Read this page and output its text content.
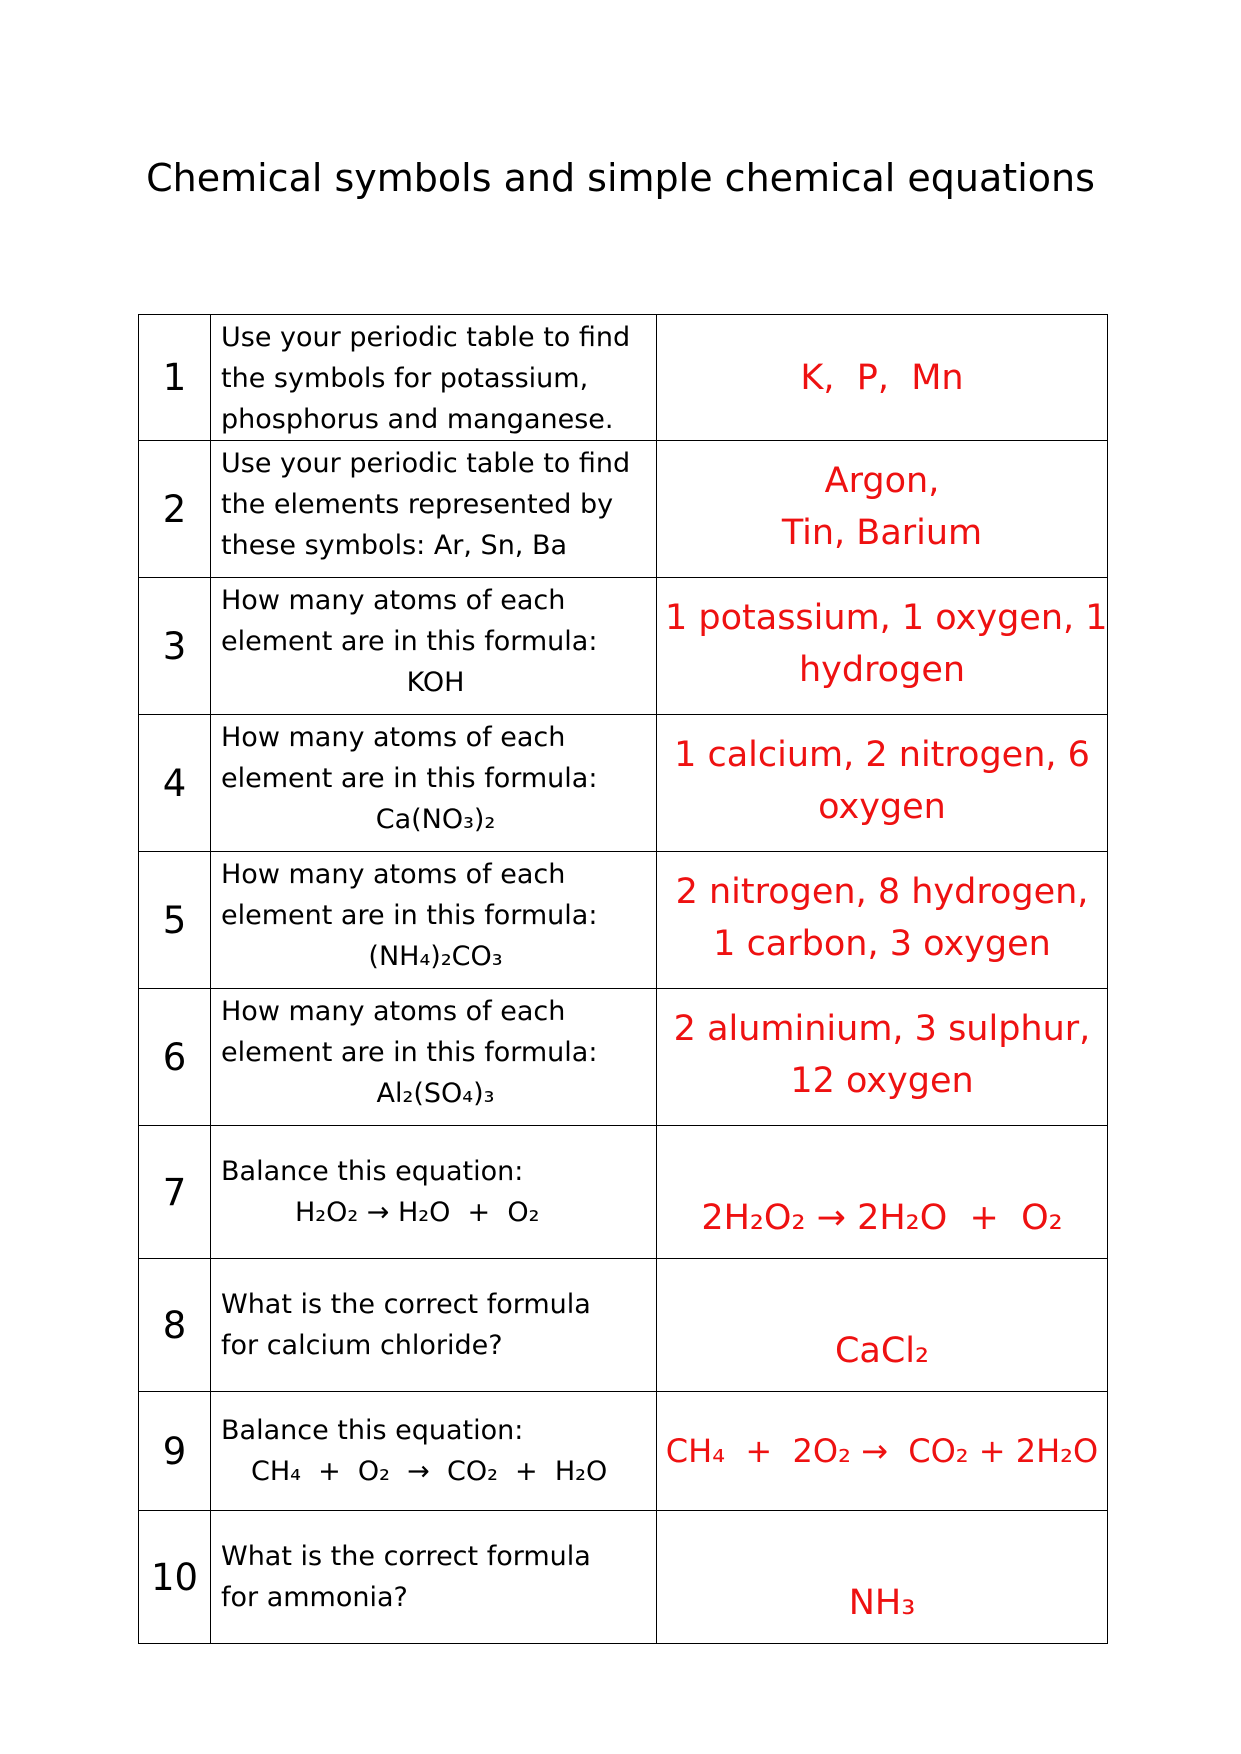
Chemical symbols and simple chemical equations
1	Use your periodic table to find
the symbols for potassium,
phosphorus and manganese.	K,  P,  Mn
2	Use your periodic table to find
the elements represented by
these symbols: Ar, Sn, Ba	Argon,
Tin, Barium

3	How many atoms of each
element are in this formula:
KOH	1 potassium, 1 oxygen, 1
hydrogen

4	How many atoms of each
element are in this formula:
Ca(NO₃)₂	1 calcium, 2 nitrogen, 6
oxygen

5	How many atoms of each
element are in this formula:
(NH₄)₂CO₃	2 nitrogen, 8 hydrogen,
1 carbon, 3 oxygen

6	How many atoms of each
element are in this formula:
Al₂(SO₄)₃	2 aluminium, 3 sulphur,
12 oxygen

7	Balance this equation:
H₂O₂ → H₂O  +  O₂	2H₂O₂ → 2H₂O  +  O₂
8	What is the correct formula
for calcium chloride?	CaCl₂
9	Balance this equation:
CH₄  +  O₂  →  CO₂  +  H₂O	CH₄  +  2O₂ →  CO₂ + 2H₂O
10	What is the correct formula
for ammonia?	NH₃
